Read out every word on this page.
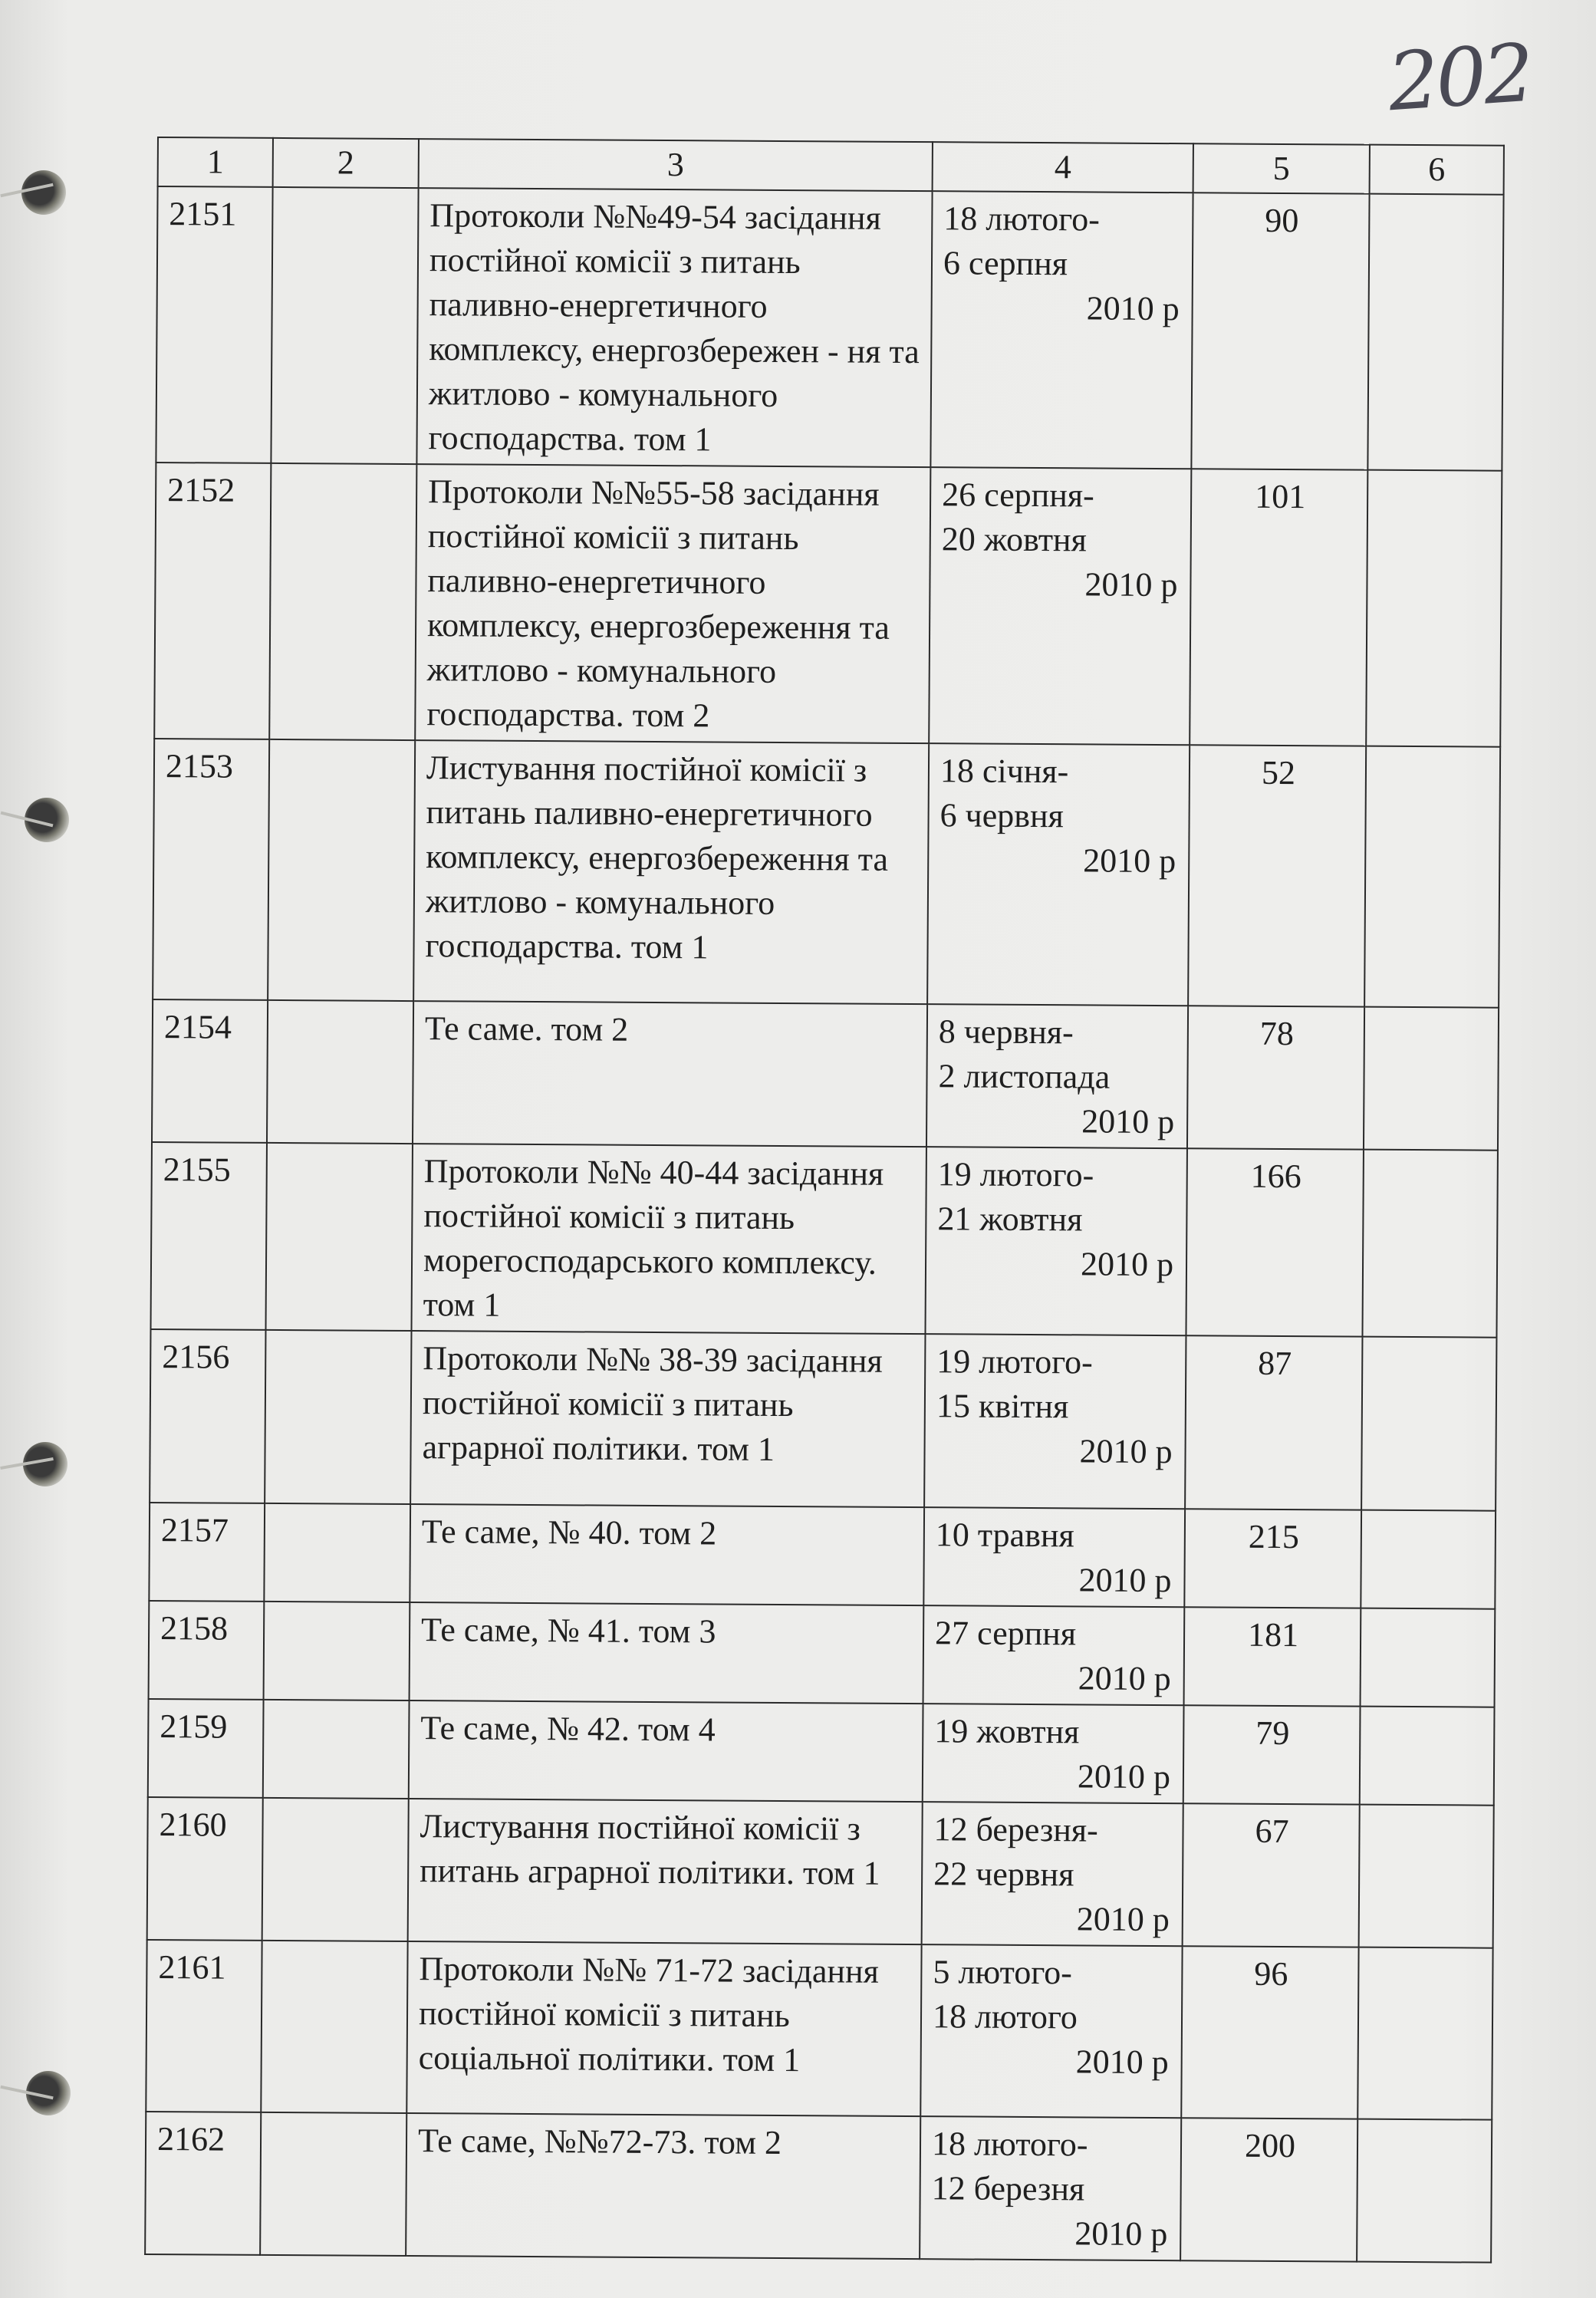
202
1	2	3	4	5	6
2151		Протоколи №№49-54 засідання постійної комісії з питань паливно-енергетичного комплексу, енергозбережен - ня та житлово - комунального господарства. том 1	18 лютого-
6 серпня
2010 р	90	
2152		Протоколи №№55-58 засідання постійної комісії з питань паливно-енергетичного комплексу, енергозбереження та житлово - комунального господарства. том 2	26 серпня-
20 жовтня
2010 р	101	
2153		Листування постійної комісії з питань паливно-енергетичного комплексу, енергозбереження та житлово - комунального господарства. том 1	18 січня-
6 червня
2010 р	52	
2154		Те саме. том 2	8 червня-
2 листопада
2010 р	78	
2155		Протоколи №№ 40-44 засідання постійної комісії з питань морегосподарського комплексу. том 1	19 лютого-
21 жовтня
2010 р	166	
2156		Протоколи №№ 38-39 засідання постійної комісії з питань аграрної політики. том 1	19 лютого-
15 квітня
2010 р	87	
2157		Те саме, № 40. том 2	10 травня
2010 р	215	
2158		Те саме, № 41. том 3	27 серпня
2010 р	181	
2159		Те саме, № 42. том 4	19 жовтня
2010 р	79	
2160		Листування постійної комісії з питань аграрної політики. том 1	12 березня-
22 червня
2010 р	67	
2161		Протоколи №№ 71-72 засідання постійної комісії з питань соціальної політики. том 1	5 лютого-
18 лютого
2010 р	96	
2162		Те саме, №№72-73. том 2	18 лютого-
12 березня
2010 р	200	
